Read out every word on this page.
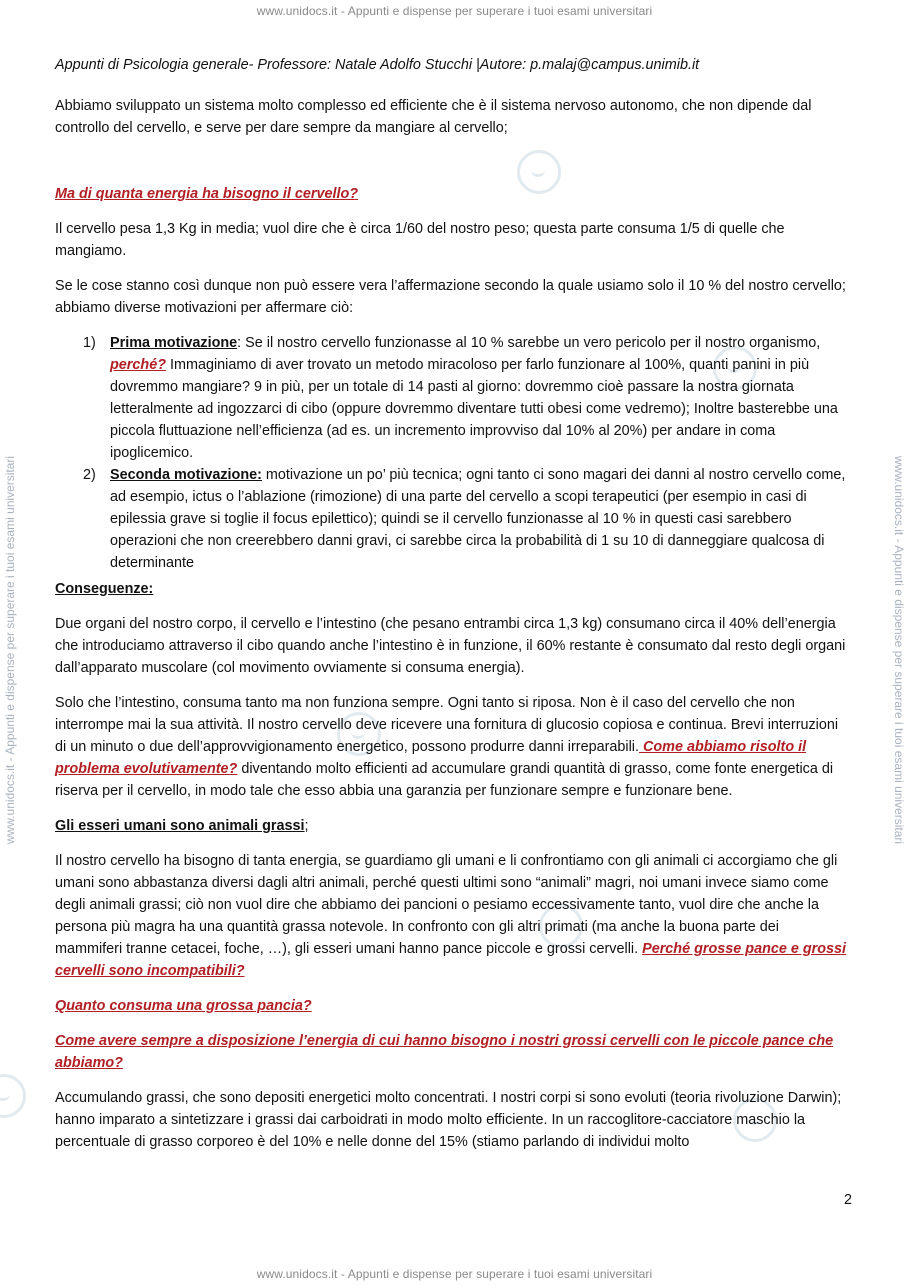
www.unidocs.it - Appunti e dispense per superare i tuoi esami universitari
www.unidocs.it - Appunti e dispense per superare i tuoi esami universitari
www.unidocs.it - Appunti e dispense per superare i tuoi esami universitari	www.unidocs.it - Appunti e dispense per superare i tuoi esami universitari

Appunti di Psicologia generale- Professore: Natale Adolfo Stucchi |Autore: p.malaj@campus.unimib.it

Abbiamo sviluppato un sistema molto complesso ed efficiente che è il sistema nervoso autonomo, che non dipende dal controllo del cervello, e serve per dare sempre da mangiare al cervello;

Ma di quanta energia ha bisogno il cervello?

Il cervello pesa 1,3 Kg in media; vuol dire che è circa 1/60 del nostro peso; questa parte consuma 1/5 di quelle che mangiamo.

Se le cose stanno così dunque non può essere vera l’affermazione secondo la quale usiamo solo il 10 % del nostro cervello; abbiamo diverse motivazioni per affermare ciò:

1) Prima motivazione: Se il nostro cervello funzionasse al 10 % sarebbe un vero pericolo per il nostro organismo, perché? Immaginiamo di aver trovato un metodo miracoloso per farlo funzionare al 100%, quanti panini in più dovremmo mangiare? 9 in più, per un totale di 14 pasti al giorno: dovremmo cioè passare la nostra giornata letteralmente ad ingozzarci di cibo (oppure dovremmo diventare tutti obesi come vedremo); Inoltre basterebbe una piccola fluttuazione nell’efficienza (ad es. un incremento improvviso dal 10% al 20%) per andare in coma ipoglicemico.
2) Seconda motivazione: motivazione un po’ più tecnica; ogni tanto ci sono magari dei danni al nostro cervello come, ad esempio, ictus o l’ablazione (rimozione) di una parte del cervello a scopi terapeutici (per esempio in casi di epilessia grave si toglie il focus epilettico); quindi se il cervello funzionasse al 10 % in questi casi sarebbero operazioni che non creerebbero danni gravi, ci sarebbe circa la probabilità di 1 su 10 di danneggiare qualcosa di determinante

Conseguenze:

Due organi del nostro corpo, il cervello e l’intestino (che pesano entrambi circa 1,3 kg) consumano circa il 40% dell’energia che introduciamo attraverso il cibo quando anche l’intestino è in funzione, il 60% restante è consumato dal resto degli organi dall’apparato muscolare (col movimento ovviamente si consuma energia).

Solo che l’intestino, consuma tanto ma non funziona sempre. Ogni tanto si riposa. Non è il caso del cervello che non interrompe mai la sua attività. Il nostro cervello deve ricevere una fornitura di glucosio copiosa e continua. Brevi interruzioni di un minuto o due dell’approvvigionamento energetico, possono produrre danni irreparabili. Come abbiamo risolto il problema evolutivamente? diventando molto efficienti ad accumulare grandi quantità di grasso, come fonte energetica di riserva per il cervello, in modo tale che esso abbia una garanzia per funzionare sempre e funzionare bene.

Gli esseri umani sono animali grassi;

Il nostro cervello ha bisogno di tanta energia, se guardiamo gli umani e li confrontiamo con gli animali ci accorgiamo che gli umani sono abbastanza diversi dagli altri animali, perché questi ultimi sono “animali” magri, noi umani invece siamo come degli animali grassi; ciò non vuol dire che abbiamo dei pancioni o pesiamo eccessivamente tanto, vuol dire che anche la persona più magra ha una quantità grassa notevole. In confronto con gli altri primati (ma anche la buona parte dei mammiferi tranne cetacei, foche, …), gli esseri umani hanno pance piccole e grossi cervelli. Perché grosse pance e grossi cervelli sono incompatibili?

Quanto consuma una grossa pancia?

Come avere sempre a disposizione l’energia di cui hanno bisogno i nostri grossi cervelli con le piccole pance che abbiamo?

Accumulando grassi, che sono depositi energetici molto concentrati. I nostri corpi si sono evoluti (teoria rivoluzione Darwin); hanno imparato a sintetizzare i grassi dai carboidrati in modo molto efficiente. In un raccoglitore-cacciatore maschio la percentuale di grasso corporeo è del 10% e nelle donne del 15% (stiamo parlando di individui molto

2
